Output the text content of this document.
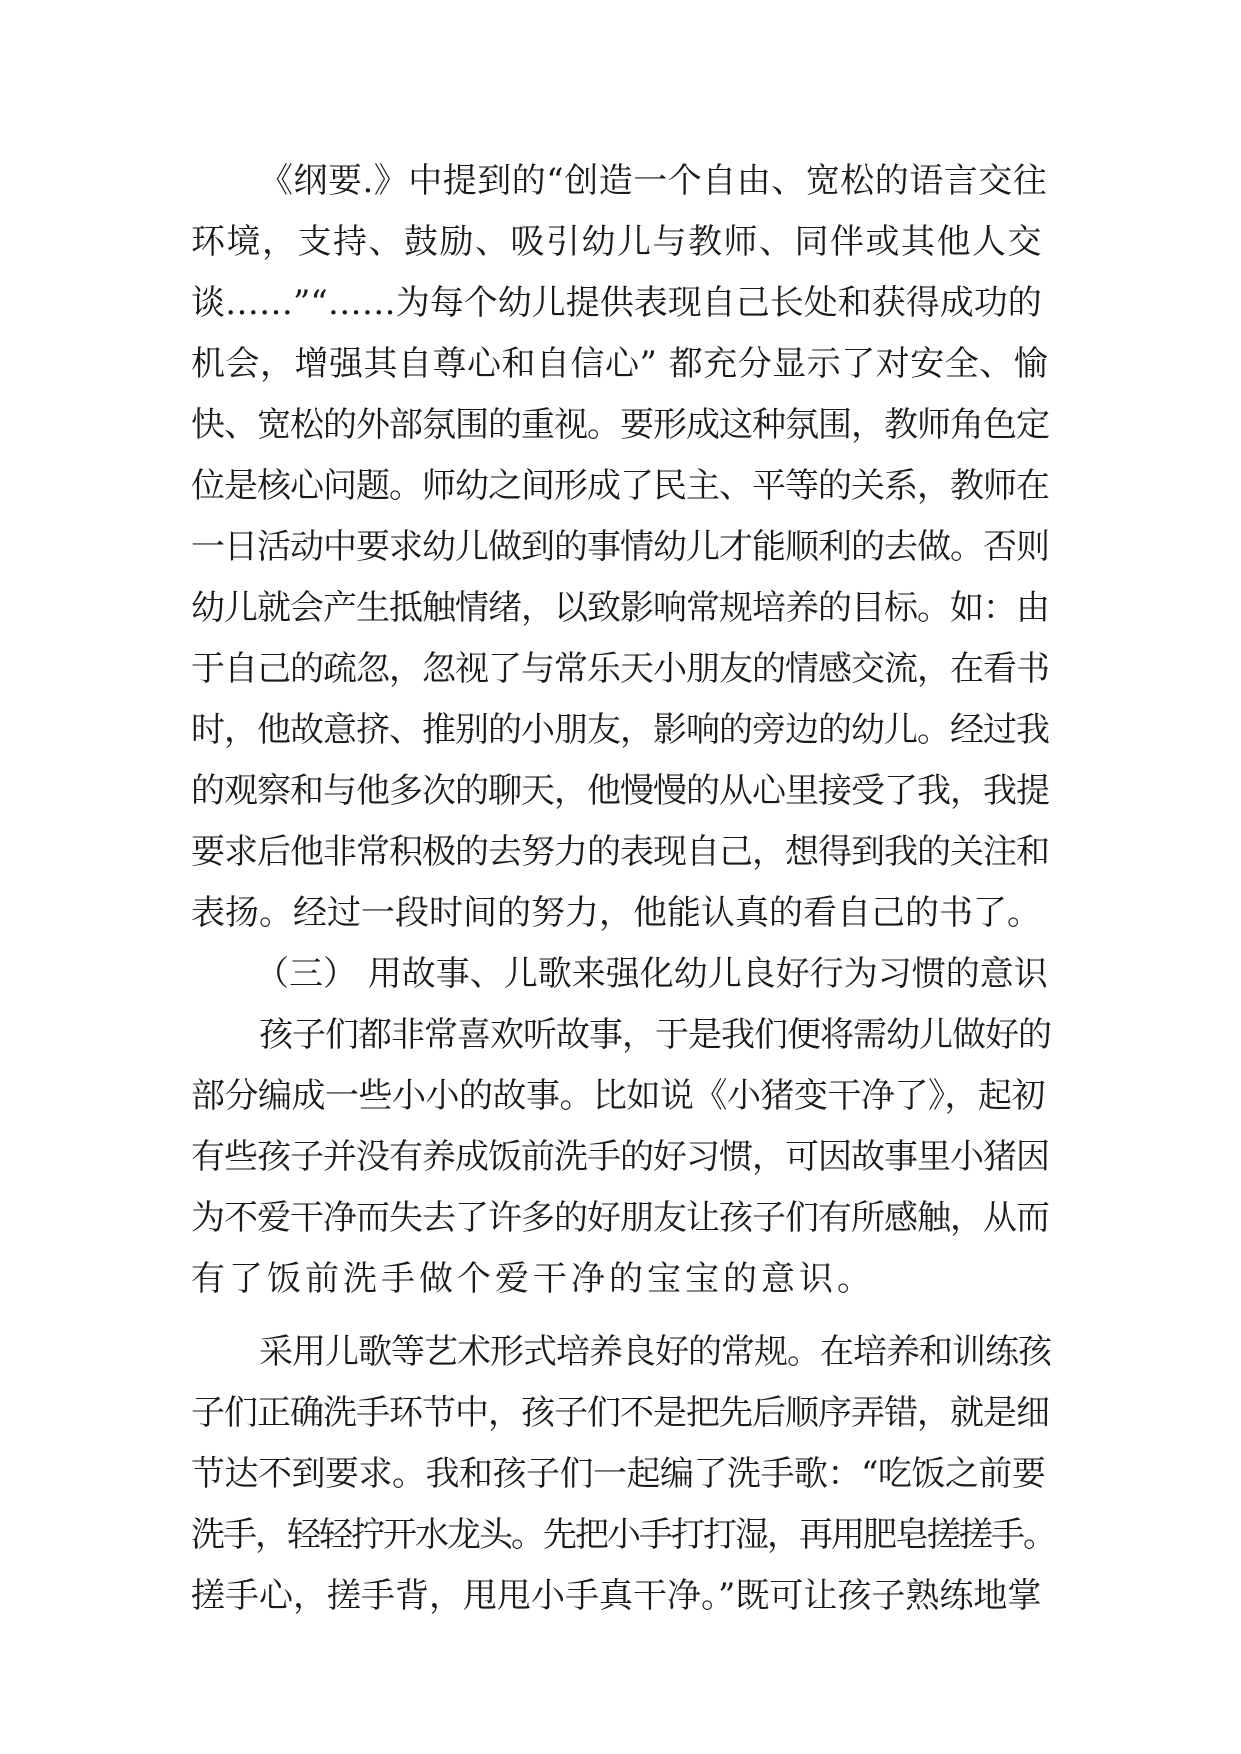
《纲要.》中提到的“创造一个自由、宽松的语言交往
环境，支持、鼓励、吸引幼儿与教师、同伴或其他人交
谈……”“……为每个幼儿提供表现自己长处和获得成功的
机会，增强其自尊心和自信心” 都充分显示了对安全、愉
快、宽松的外部氛围的重视。要形成这种氛围，教师角色定
位是核心问题。师幼之间形成了民主、平等的关系，教师在
一日活动中要求幼儿做到的事情幼儿才能顺利的去做。否则
幼儿就会产生抵触情绪，以致影响常规培养的目标。如：由
于自己的疏忽，忽视了与常乐天小朋友的情感交流，在看书
时，他故意挤、推别的小朋友，影响的旁边的幼儿。经过我
的观察和与他多次的聊天，他慢慢的从心里接受了我，我提
要求后他非常积极的去努力的表现自己，想得到我的关注和
表扬。经过一段时间的努力，他能认真的看自己的书了。
（三） 用故事、儿歌来强化幼儿良好行为习惯的意识
孩子们都非常喜欢听故事，于是我们便将需幼儿做好的
部分编成一些小小的故事。比如说《小猪变干净了》，起初
有些孩子并没有养成饭前洗手的好习惯，可因故事里小猪因
为不爱干净而失去了许多的好朋友让孩子们有所感触，从而
有了饭前洗手做个爱干净的宝宝的意识。
采用儿歌等艺术形式培养良好的常规。在培养和训练孩
子们正确洗手环节中，孩子们不是把先后顺序弄错，就是细
节达不到要求。我和孩子们一起编了洗手歌：“吃饭之前要
洗手，轻轻拧开水龙头。先把小手打打湿，再用肥皂搓搓手。
搓手心，搓手背，甩甩小手真干净。”既可让孩子熟练地掌
